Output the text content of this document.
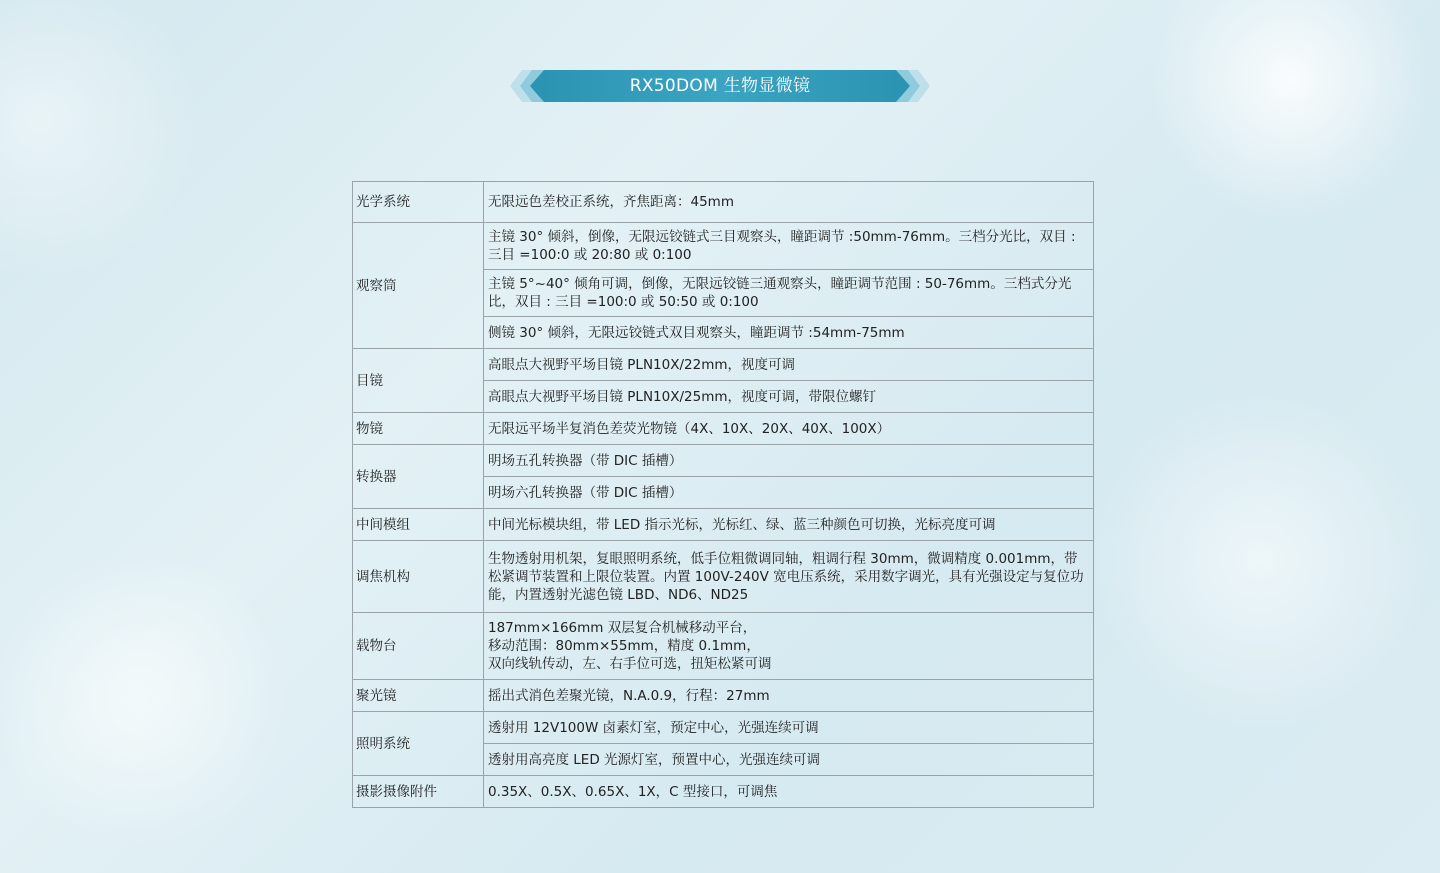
RX50DOM 生物显微镜
光学系统	无限远色差校正系统，齐焦距离：45mm
观察筒	主镜 30° 倾斜，倒像，无限远铰链式三目观察头，瞳距调节 :50mm-76mm。三档分光比，双目 : 三目 =100:0 或 20:80 或 0:100
	主镜 5°~40° 倾角可调，倒像，无限远铰链三通观察头，瞳距调节范围 : 50-76mm。三档式分光比，双目 : 三目 =100:0 或 50:50 或 0:100
	侧镜 30° 倾斜，无限远铰链式双目观察头，瞳距调节 :54mm-75mm
目镜	高眼点大视野平场目镜 PLN10X/22mm，视度可调
	高眼点大视野平场目镜 PLN10X/25mm，视度可调，带限位螺钉
物镜	无限远平场半复消色差荧光物镜（4X、10X、20X、40X、100X）
转换器	明场五孔转换器（带 DIC 插槽）
	明场六孔转换器（带 DIC 插槽）
中间模组	中间光标模块组，带 LED 指示光标，光标红、绿、蓝三种颜色可切换，光标亮度可调
调焦机构	生物透射用机架，复眼照明系统，低手位粗微调同轴，粗调行程 30mm，微调精度 0.001mm，带松紧调节装置和上限位装置。内置 100V-240V 宽电压系统，采用数字调光，具有光强设定与复位功能，内置透射光滤色镜 LBD、ND6、ND25
载物台	187mm×166mm 双层复合机械移动平台，
移动范围：80mm×55mm，精度 0.1mm，
双向线轨传动，左、右手位可选，扭矩松紧可调
聚光镜	摇出式消色差聚光镜，N.A.0.9，行程：27mm
照明系统	透射用 12V100W 卤素灯室，预定中心，光强连续可调
	透射用高亮度 LED 光源灯室，预置中心，光强连续可调
摄影摄像附件	0.35X、0.5X、0.65X、1X，C 型接口，可调焦
